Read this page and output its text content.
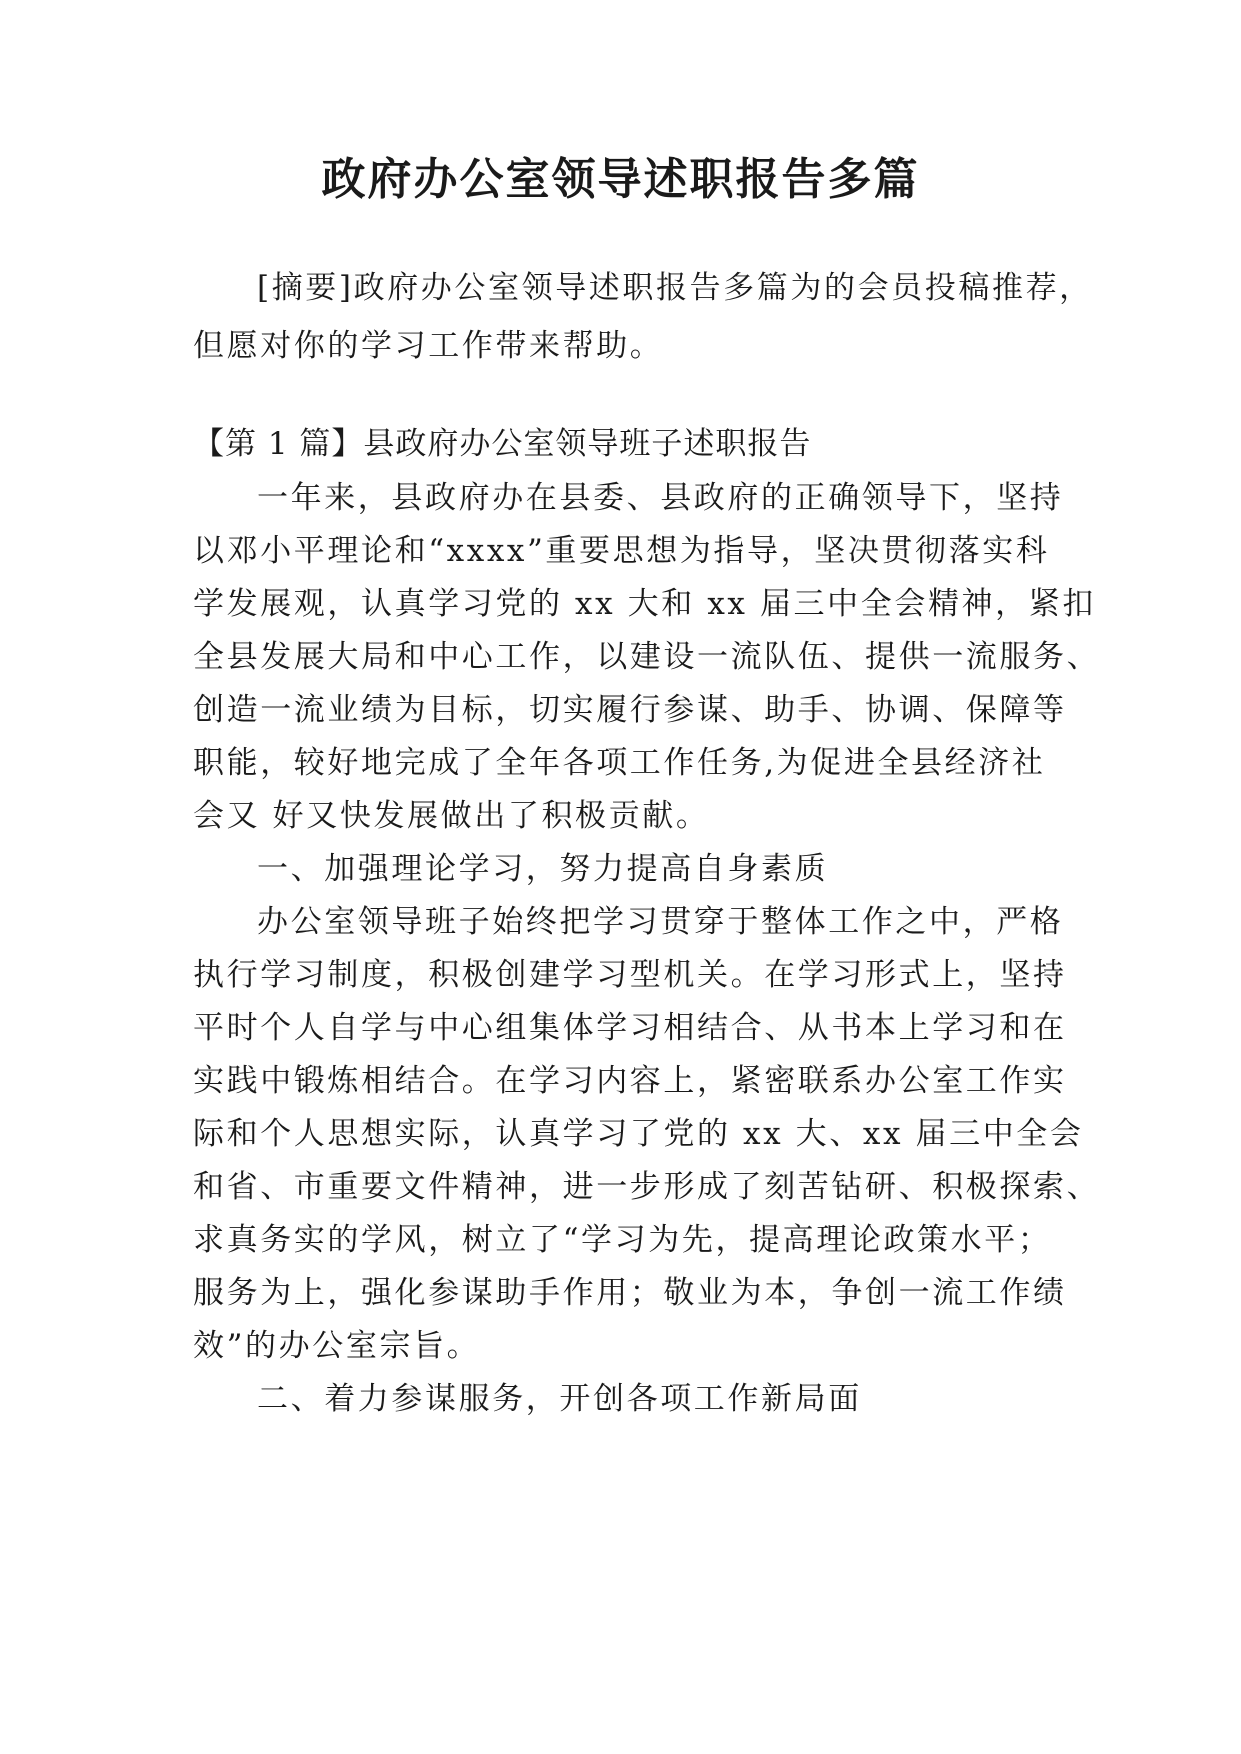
政府办公室领导述职报告多篇
[摘要]政府办公室领导述职报告多篇为的会员投稿推荐，
但愿对你的学习工作带来帮助。
【第 1 篇】县政府办公室领导班子述职报告
一年来，县政府办在县委、县政府的正确领导下，坚持
以邓小平理论和“xxxx”重要思想为指导，坚决贯彻落实科
学发展观，认真学习党的 xx 大和 xx 届三中全会精神，紧扣
全县发展大局和中心工作，以建设一流队伍、提供一流服务、
创造一流业绩为目标，切实履行参谋、助手、协调、保障等
职能，较好地完成了全年各项工作任务,为促进全县经济社
会又 好又快发展做出了积极贡献。
一、加强理论学习，努力提高自身素质
办公室领导班子始终把学习贯穿于整体工作之中，严格
执行学习制度，积极创建学习型机关。在学习形式上，坚持
平时个人自学与中心组集体学习相结合、从书本上学习和在
实践中锻炼相结合。在学习内容上，紧密联系办公室工作实
际和个人思想实际，认真学习了党的 xx 大、xx 届三中全会
和省、市重要文件精神，进一步形成了刻苦钻研、积极探索、
求真务实的学风，树立了“学习为先，提高理论政策水平；
服务为上，强化参谋助手作用；敬业为本，争创一流工作绩
效”的办公室宗旨。
二、着力参谋服务，开创各项工作新局面
